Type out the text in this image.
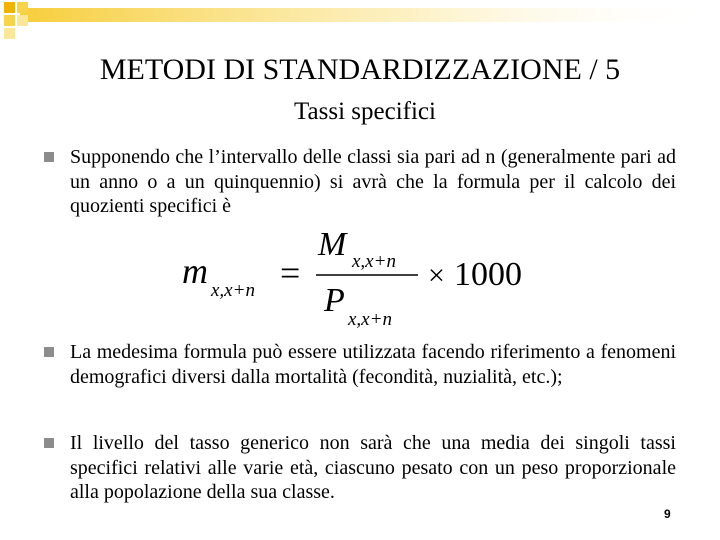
METODI DI STANDARDIZZAZIONE / 5
Tassi specifici
Supponendo che l’intervallo delle classi sia pari ad n (generalmente pari ad un anno o a un quinquennio) si avrà che la formula per il calcolo dei quozienti specifici è
m x,x+n =
M x,x+n
P
x,x+n
× 1000
La medesima formula può essere utilizzata facendo riferimento a fenomeni demografici diversi dalla mortalità (fecondità, nuzialità, etc.);
Il livello del tasso generico non sarà che una media dei singoli tassi specifici relativi alle varie età, ciascuno pesato con un peso proporzionale alla popolazione della sua classe.
9
